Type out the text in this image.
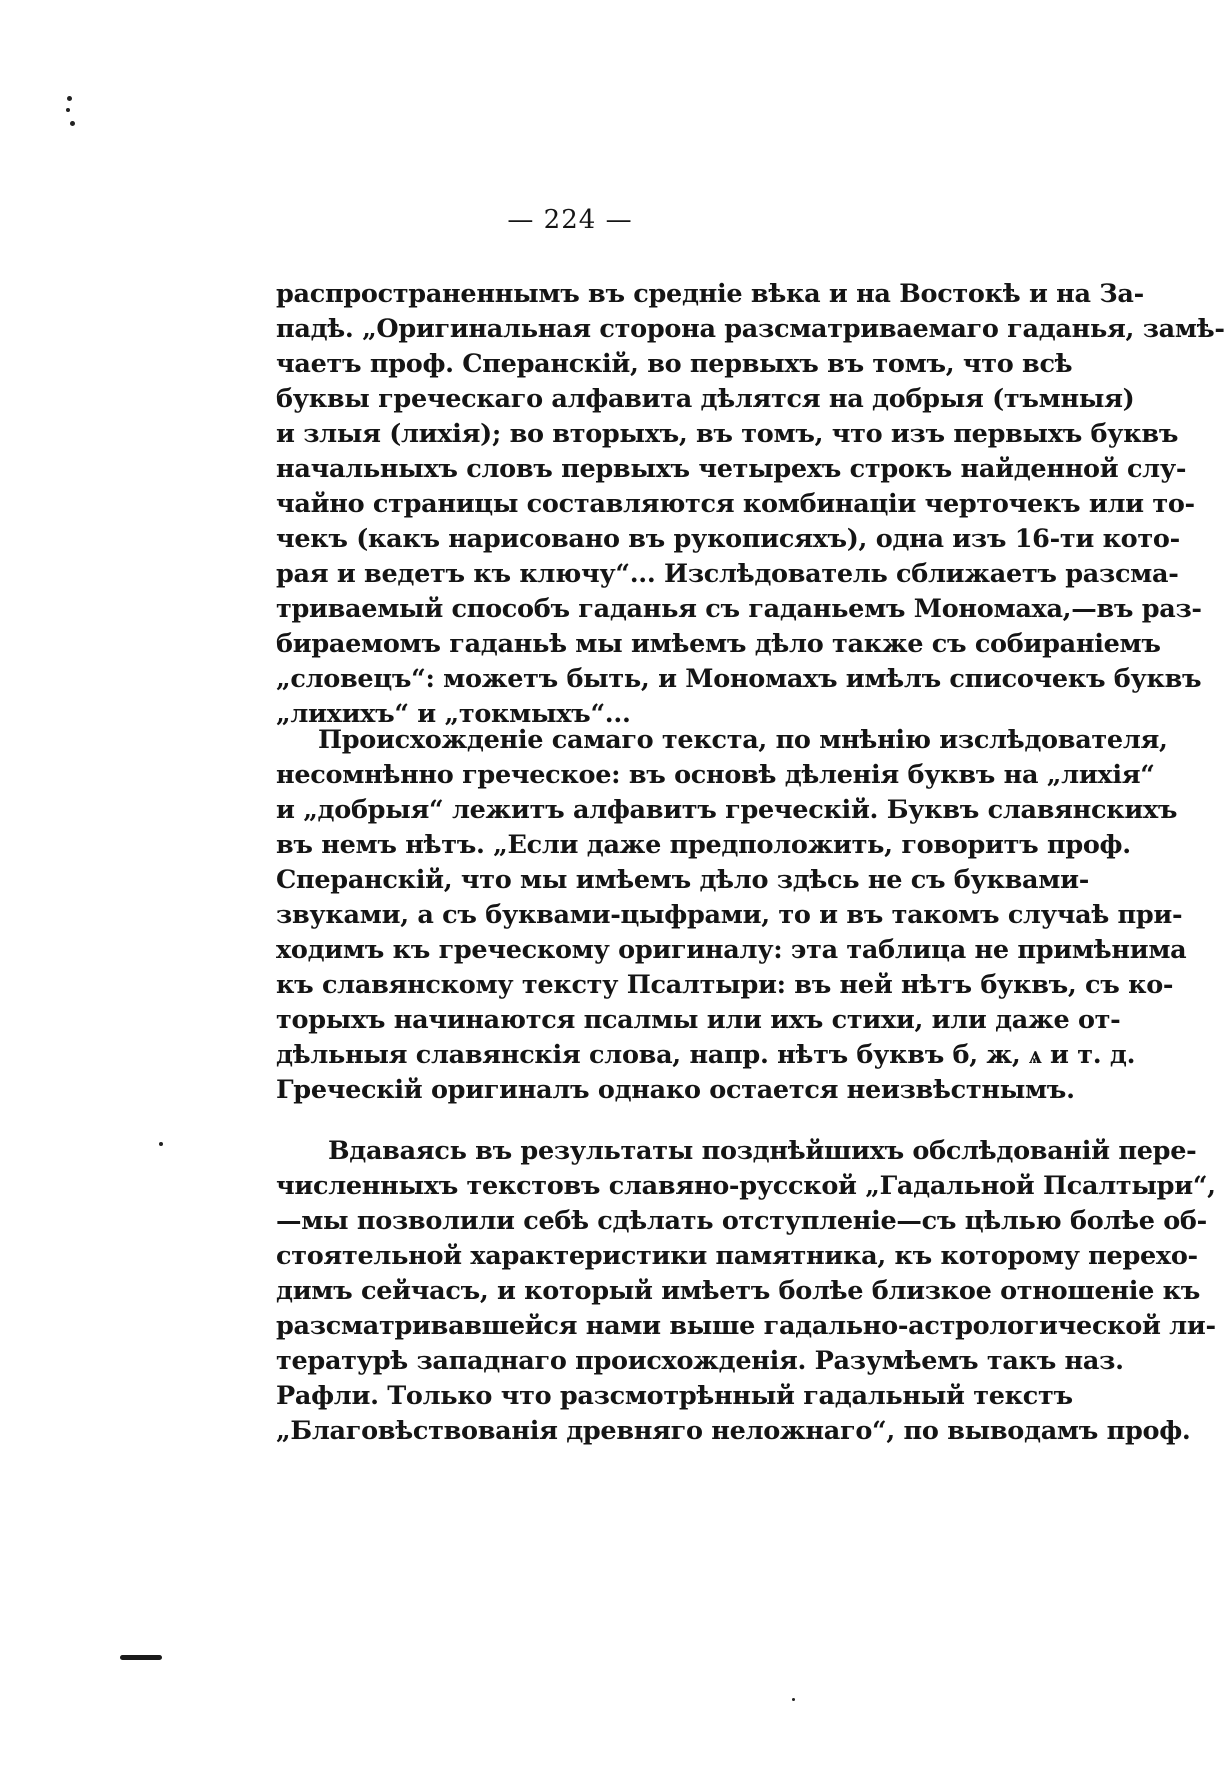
— 224 —
распространеннымъ въ средніе вѣка и на Востокѣ и на За-
падѣ. „Оригинальная сторона разсматриваемаго гаданья, замѣ-
чаетъ проф. Сперанскій, во первыхъ въ томъ, что всѣ
буквы греческаго алфавита дѣлятся на добрыя (тъмныя)
и злыя (лихія); во вторыхъ, въ томъ, что изъ первыхъ буквъ
начальныхъ словъ первыхъ четырехъ строкъ найденной слу-
чайно страницы составляются комбинаціи черточекъ или то-
чекъ (какъ нарисовано въ рукописяхъ), одна изъ 16-ти кото-
рая и ведетъ къ ключу“... Изслѣдователь сближаетъ разсма-
триваемый способъ гаданья съ гаданьемъ Мономаха,—въ раз-
бираемомъ гаданьѣ мы имѣемъ дѣло также съ собираніемъ
„словецъ“: можетъ быть, и Мономахъ имѣлъ списочекъ буквъ
„лихихъ“ и „токмыхъ“...
Происхожденіе самаго текста, по мнѣнію изслѣдователя,
несомнѣнно греческое: въ основѣ дѣленія буквъ на „лихія“
и „добрыя“ лежитъ алфавитъ греческій. Буквъ славянскихъ
въ немъ нѣтъ. „Если даже предположить, говоритъ проф.
Сперанскій, что мы имѣемъ дѣло здѣсь не съ буквами-
звуками, а съ буквами-цыфрами, то и въ такомъ случаѣ при-
ходимъ къ греческому оригиналу: эта таблица не примѣнима
къ славянскому тексту Псалтыри: въ ней нѣтъ буквъ, съ ко-
торыхъ начинаются псалмы или ихъ стихи, или даже от-
дѣльныя славянскія слова, напр. нѣтъ буквъ б, ж, ѧ и т. д.
Греческій оригиналъ однако остается неизвѣстнымъ.
Вдаваясь въ результаты позднѣйшихъ обслѣдованій пере-
численныхъ текстовъ славяно-русской „Гадальной Псалтыри“,
—мы позволили себѣ сдѣлать отступленіе—съ цѣлью болѣе об-
стоятельной характеристики памятника, къ которому перехо-
димъ сейчасъ, и который имѣетъ болѣе близкое отношеніе къ
разсматривавшейся нами выше гадально-астрологической ли-
тературѣ западнаго происхожденія. Разумѣемъ такъ наз.
Рафли. Только что разсмотрѣнный гадальный текстъ
„Благовѣствованія древняго неложнаго“, по выводамъ проф.
